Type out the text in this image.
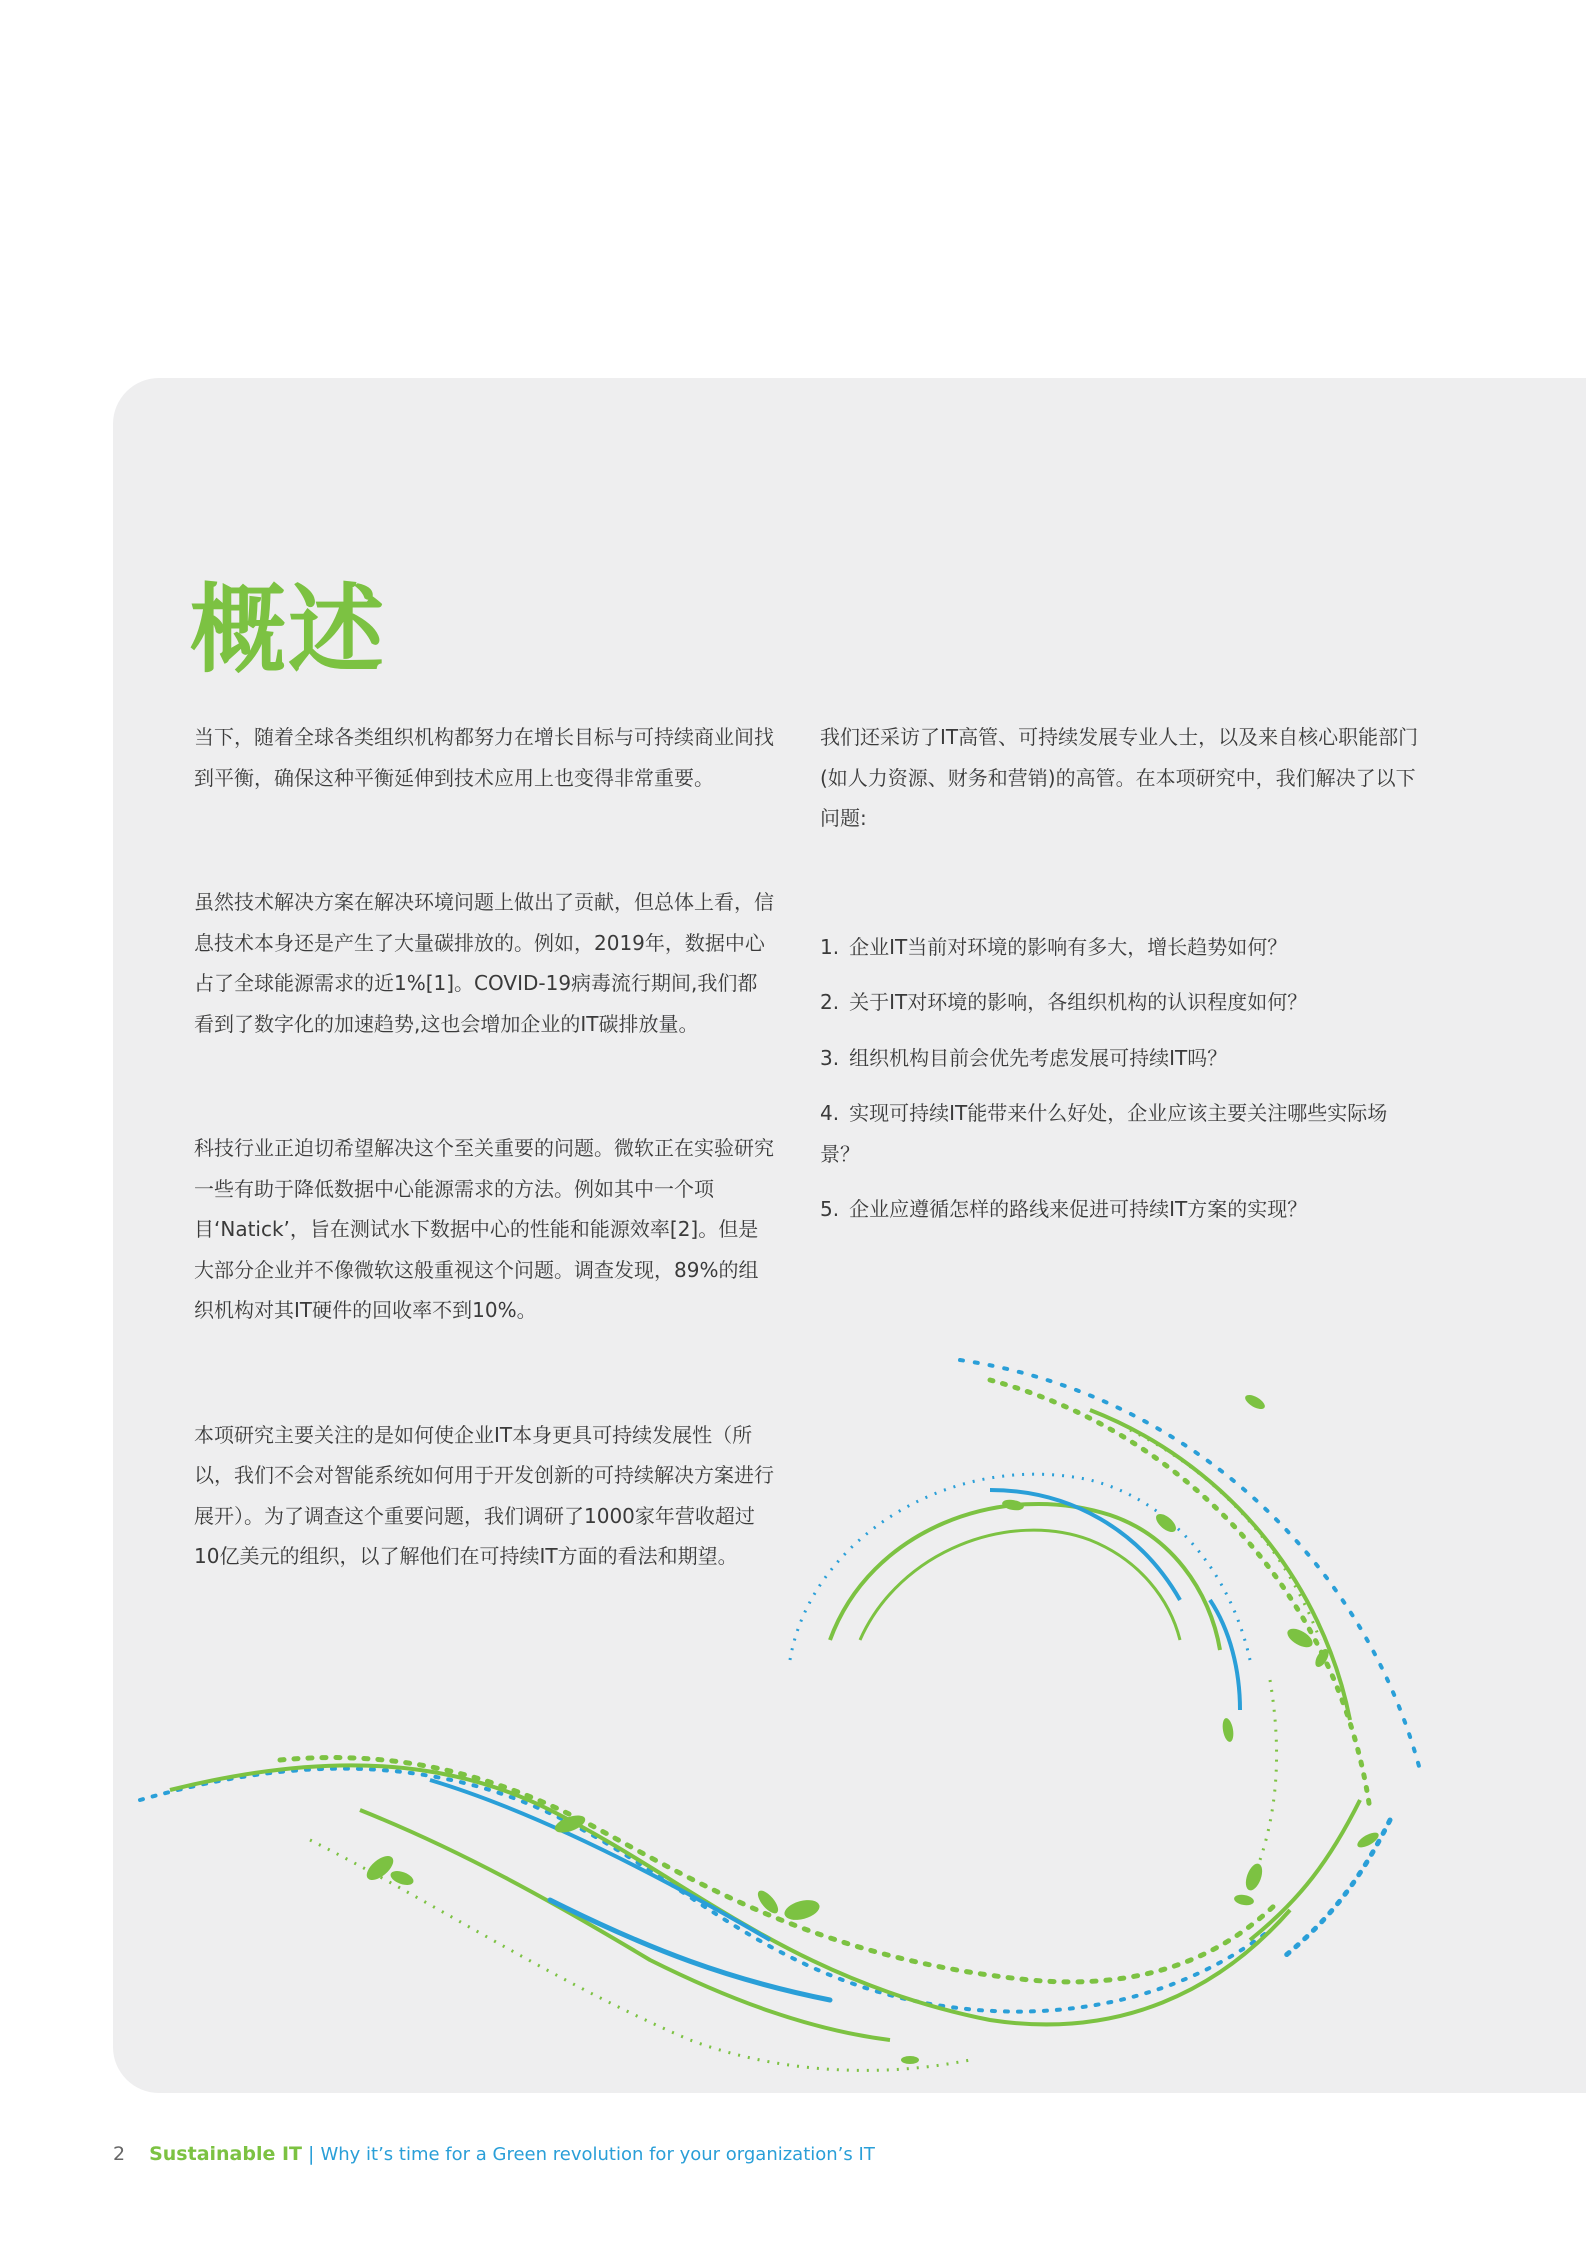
概述

当下，随着全球各类组织机构都努力在增长目标与可持续商业间找到平衡，确保这种平衡延伸到技术应用上也变得非常重要。

虽然技术解决方案在解决环境问题上做出了贡献，但总体上看，信息技术本身还是产生了大量碳排放的。例如，2019年，数据中心占了全球能源需求的近1%[1]。COVID-19病毒流行期间,我们都看到了数字化的加速趋势,这也会增加企业的IT碳排放量。

科技行业正迫切希望解决这个至关重要的问题。微软正在实验研究一些有助于降低数据中心能源需求的方法。例如其中一个项目‘Natick’，旨在测试水下数据中心的性能和能源效率[2]。但是大部分企业并不像微软这般重视这个问题。调查发现，89%的组织机构对其IT硬件的回收率不到10%。

本项研究主要关注的是如何使企业IT本身更具可持续发展性（所以，我们不会对智能系统如何用于开发创新的可持续解决方案进行展开）。为了调查这个重要问题，我们调研了1000家年营收超过10亿美元的组织，以了解他们在可持续IT方面的看法和期望。

我们还采访了IT高管、可持续发展专业人士，以及来自核心职能部门(如人力资源、财务和营销)的高管。在本项研究中，我们解决了以下问题:

1. 企业IT当前对环境的影响有多大，增长趋势如何？
2. 关于IT对环境的影响，各组织机构的认识程度如何？
3. 组织机构目前会优先考虑发展可持续IT吗？
4. 实现可持续IT能带来什么好处，企业应该主要关注哪些实际场景？
5. 企业应遵循怎样的路线来促进可持续IT方案的实现？
2 Sustainable IT | Why it’s time for a Green revolution for your organization’s IT
